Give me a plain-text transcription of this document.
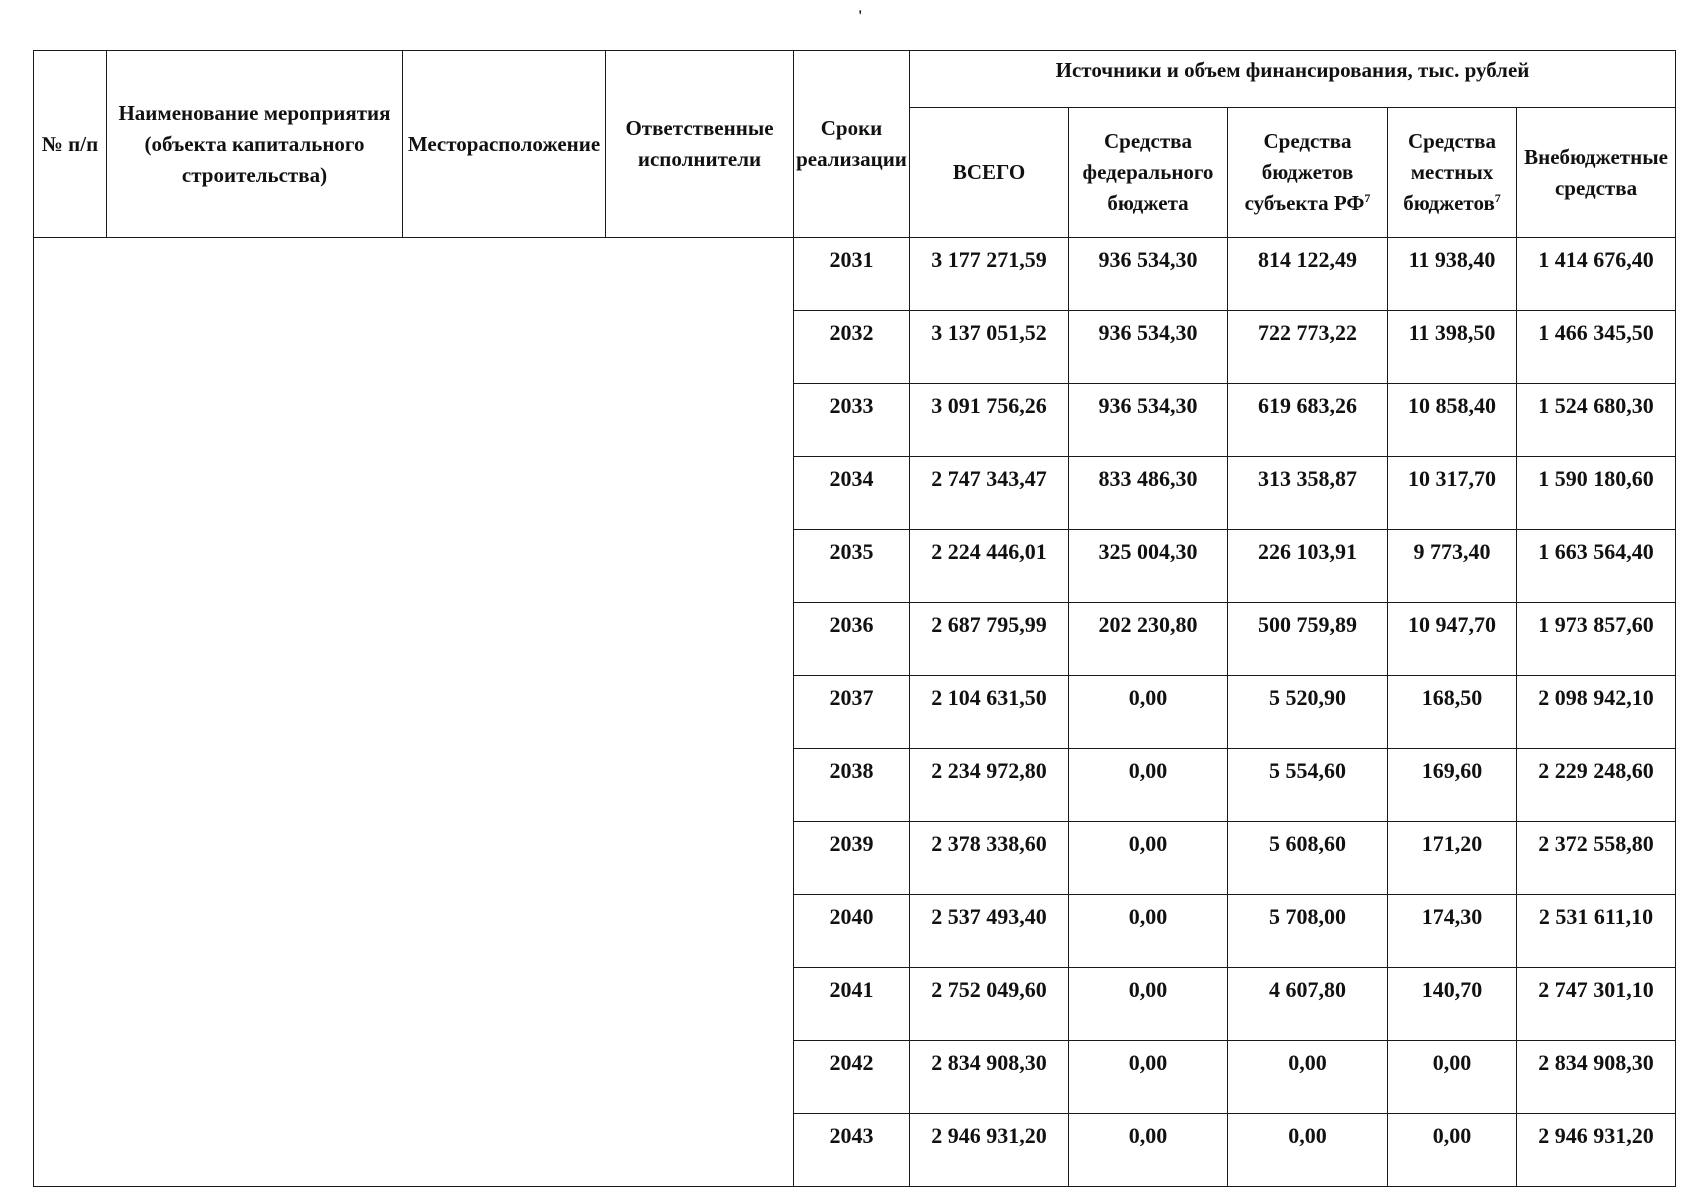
'
№ п/п	Наименование мероприятия (объекта капитального строительства)	Месторасположение	Ответственные исполнители	Сроки реализации	Источники и объем финансирования, тыс. рублей				
					ВСЕГО	Средства федерального бюджета	Средства бюджетов субъекта $РФ^7$	Средства местных бюджетов$^7$	Внебюджетные средства
				2031	3 177 271,59	936 534,30	814 122,49	11 938,40	1 414 676,40
				2032	3 137 051,52	936 534,30	722 773,22	11 398,50	1 466 345,50
				2033	3 091 756,26	936 534,30	619 683,26	10 858,40	1 524 680,30
				2034	2 747 343,47	833 486,30	313 358,87	10 317,70	1 590 180,60
				2035	2 224 446,01	325 004,30	226 103,91	9 773,40	1 663 564,40
				2036	2 687 795,99	202 230,80	500 759,89	10 947,70	1 973 857,60
				2037	2 104 631,50	0,00	5 520,90	168,50	2 098 942,10
				2038	2 234 972,80	0,00	5 554,60	169,60	2 229 248,60
				2039	2 378 338,60	0,00	5 608,60	171,20	2 372 558,80
				2040	2 537 493,40	0,00	5 708,00	174,30	2 531 611,10
				2041	2 752 049,60	0,00	4 607,80	140,70	2 747 301,10
				2042	2 834 908,30	0,00	0,00	0,00	2 834 908,30
				2043	2 946 931,20	0,00	0,00	0,00	2 946 931,20
